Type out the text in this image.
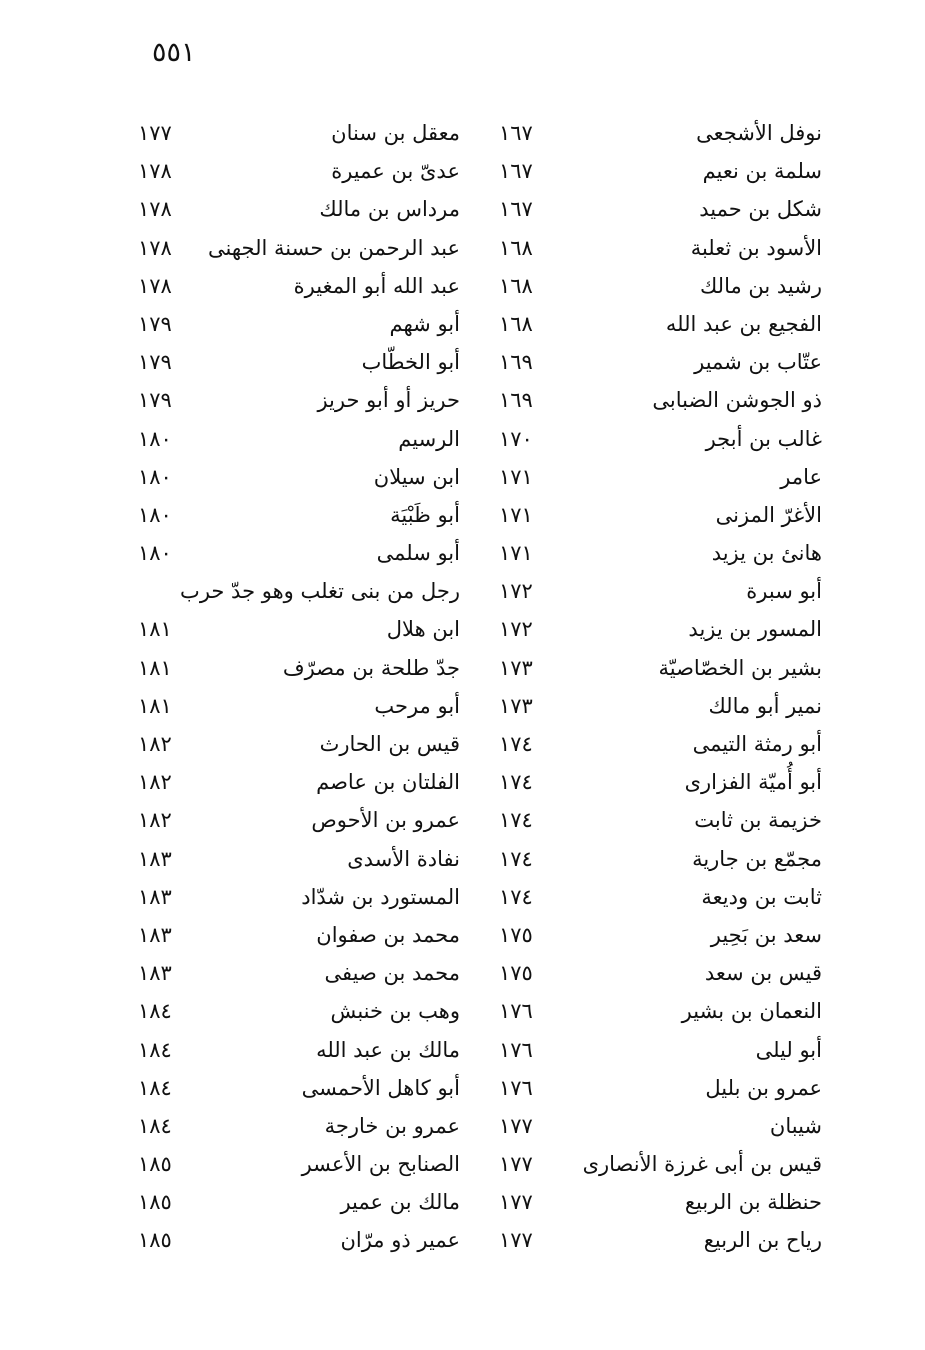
٥٥١
نوفل الأشجعى
١٦٧
معقل بن سنان
١٧٧
سلمة بن نعيم
١٦٧
عدىّ بن عميرة
١٧٨
شكل بن حميد
١٦٧
مرداس بن مالك
١٧٨
الأسود بن ثعلبة
١٦٨
عبد الرحمن بن حسنة الجهنى
١٧٨
رشيد بن مالك
١٦٨
عبد الله أبو المغيرة
١٧٨
الفجيع بن عبد الله
١٦٨
أبو شهم
١٧٩
عتّاب بن شمير
١٦٩
أبو الخطّاب
١٧٩
ذو الجوشن الضبابى
١٦٩
حريز أو أبو حريز
١٧٩
غالب بن أبجر
١٧٠
الرسيم
١٨٠
عامر
١٧١
ابن سيلان
١٨٠
الأغرّ المزنى
١٧١
أبو ظَبْيَة
١٨٠
هانئ بن يزيد
١٧١
أبو سلمى
١٨٠
أبو سبرة
١٧٢
رجل من بنى تغلب وهو جدّ حرب
المسور بن يزيد
١٧٢
ابن هلال
١٨١
بشير بن الخصّاصيّة
١٧٣
جدّ طلحة بن مصرّف
١٨١
نمير أبو مالك
١٧٣
أبو مرحب
١٨١
أبو رمثة التيمى
١٧٤
قيس بن الحارث
١٨٢
أبو أُميّة الفزارى
١٧٤
الفلتان بن عاصم
١٨٢
خزيمة بن ثابت
١٧٤
عمرو بن الأحوص
١٨٢
مجمّع بن جارية
١٧٤
نفادة الأسدى
١٨٣
ثابت بن وديعة
١٧٤
المستورد بن شدّاد
١٨٣
سعد بن بَحِير
١٧٥
محمد بن صفوان
١٨٣
قيس بن سعد
١٧٥
محمد بن صيفى
١٨٣
النعمان بن بشير
١٧٦
وهب بن خنبش
١٨٤
أبو ليلى
١٧٦
مالك بن عبد الله
١٨٤
عمرو بن بليل
١٧٦
أبو كاهل الأحمسى
١٨٤
شيبان
١٧٧
عمرو بن خارجة
١٨٤
قيس بن أبى غرزة الأنصارى
١٧٧
الصنابح بن الأعسر
١٨٥
حنظلة بن الربيع
١٧٧
مالك بن عمير
١٨٥
رياح بن الربيع
١٧٧
عمير ذو مرّان
١٨٥
